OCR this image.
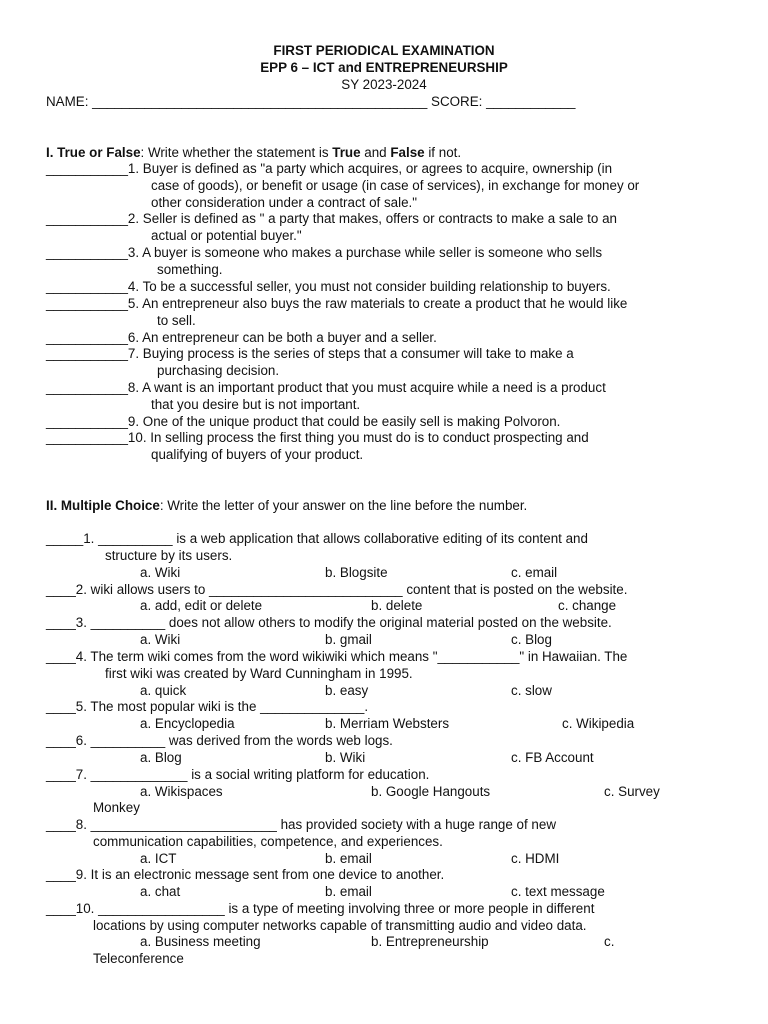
FIRST PERIODICAL EXAMINATION
EPP 6 – ICT and ENTREPRENEURSHIP
SY 2023-2024
NAME: _____________________________________________ SCORE: ____________
I. True or False: Write whether the statement is True and False if not.
___________1. Buyer is defined as "a party which acquires, or agrees to acquire, ownership (in
case of goods), or benefit or usage (in case of services), in exchange for money or
other consideration under a contract of sale."
___________2. Seller is defined as " a party that makes, offers or contracts to make a sale to an
actual or potential buyer."
___________3. A buyer is someone who makes a purchase while seller is someone who sells
something.
___________4. To be a successful seller, you must not consider building relationship to buyers.
___________5. An entrepreneur also buys the raw materials to create a product that he would like
to sell.
___________6. An entrepreneur can be both a buyer and a seller.
___________7. Buying process is the series of steps that a consumer will take to make a
purchasing decision.
___________8. A want is an important product that you must acquire while a need is a product
that you desire but is not important.
___________9. One of the unique product that could be easily sell is making Polvoron.
___________10. In selling process the first thing you must do is to conduct prospecting and
qualifying of buyers of your product.
II. Multiple Choice: Write the letter of your answer on the line before the number.
_____1. __________ is a web application that allows collaborative editing of its content and
structure by its users.
a. Wiki	b. Blogsite	c. email
____2. wiki allows users to __________________________ content that is posted on the website.
a. add, edit or delete	b. delete	c. change
____3. __________ does not allow others to modify the original material posted on the website.
a. Wiki	b. gmail	c. Blog
____4. The term wiki comes from the word wikiwiki which means "___________" in Hawaiian. The
first wiki was created by Ward Cunningham in 1995.
a. quick	b. easy	c. slow
____5. The most popular wiki is the ______________.
a. Encyclopedia	b. Merriam Websters	c. Wikipedia
____6. __________ was derived from the words web logs.
a. Blog	b. Wiki	c. FB Account
____7. _____________ is a social writing platform for education.
a. Wikispaces	b. Google Hangouts	c. Survey
Monkey
____8. _________________________ has provided society with a huge range of new
communication capabilities, competence, and experiences.
a. ICT	b. email	c. HDMI
____9. It is an electronic message sent from one device to another.
a. chat	b. email	c. text message
____10. _________________ is a type of meeting involving three or more people in different
locations by using computer networks capable of transmitting audio and video data.
a. Business meeting	b. Entrepreneurship	c.
Teleconference
